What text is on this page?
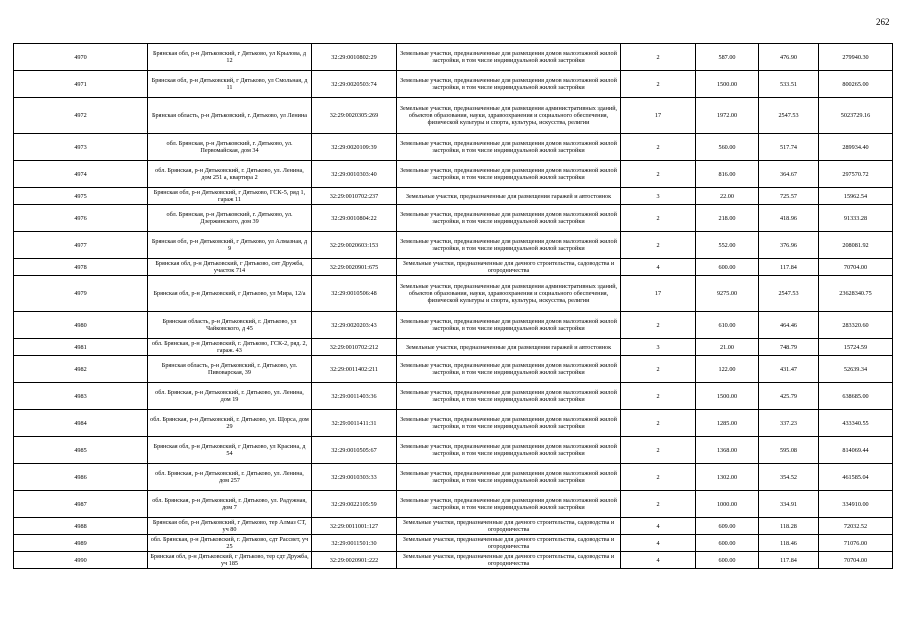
262
4970	Брянская обл, р-н Дятьковский, г Дятьково, ул Крылова, д 12	32:29:0010802:29	Земельные участки, предназначенные для размещения домов малоэтажной жилой застройки, в том числе индивидуальной жилой застройки	2	587.00	476.90	279940.30
4971	Брянская обл, р-н Дятьковский, г Дятьково, ул Смольная, д 11	32:29:0020503:74	Земельные участки, предназначенные для размещения домов малоэтажной жилой застройки, в том числе индивидуальной жилой застройки	2	1500.00	533.51	800265.00
4972	Брянская область, р-н Дятьковский, г. Дятьково, ул Ленина	32:29:0020305:269	Земельные участки, предназначенные для размещения административных зданий, объектов образования, науки, здравоохранения и социального обеспечения, физической культуры и спорта, культуры, искусства, религии	17	1972.00	2547.53	5023729.16
4973	обл. Брянская, р-н Дятьковский, г. Дятьково, ул. Первомайская, дом 34	32:29:0020109:39	Земельные участки, предназначенные для размещения домов малоэтажной жилой застройки, в том числе индивидуальной жилой застройки	2	560.00	517.74	289934.40
4974	обл. Брянская, р-н Дятьковский, г. Дятьково, ул. Ленина, дом 251 а, квартира 2	32:29:0010303:40	Земельные участки, предназначенные для размещения домов малоэтажной жилой застройки, в том числе индивидуальной жилой застройки	2	816.00	364.67	297570.72
4975	Брянская обл, р-н Дятьковский, г Дятьково, ГСК-5, ряд 1, гараж 11	32:29:0010702:237	Земельные участки, предназначенные для размещения гаражей и автостоянок	3	22.00	725.57	15962.54
4976	обл. Брянская, р-н Дятьковский, г. Дятьково, ул. Дзержинского, дом 39	32:29:0010804:22	Земельные участки, предназначенные для размещения домов малоэтажной жилой застройки, в том числе индивидуальной жилой застройки	2	218.00	418.96	91333.28
4977	Брянская обл, р-н Дятьковский, г Дятьково, ул Алмазная, д 9	32:29:0020603:153	Земельные участки, предназначенные для размещения домов малоэтажной жилой застройки, в том числе индивидуальной жилой застройки	2	552.00	376.96	208081.92
4978	Брянская обл, р-н Дятьковский, г Дятьково, снт Дружба, участок 714	32:29:0020901:675	Земельные участки, предназначенные для дачного строительства, садоводства и огородничества	4	600.00	117.84	70704.00
4979	Брянская обл, р-н Дятьковский, г Дятьково, ул Мира, 12/а	32:29:0010506:48	Земельные участки, предназначенные для размещения административных зданий, объектов образования, науки, здравоохранения и социального обеспечения, физической культуры и спорта, культуры, искусства, религии	17	9275.00	2547.53	23628340.75
4980	Брянская область, р-н Дятьковский, г. Дятьково, ул Чайковского, д 45	32:29:0020203:43	Земельные участки, предназначенные для размещения домов малоэтажной жилой застройки, в том числе индивидуальной жилой застройки	2	610.00	464.46	283320.60
4981	обл. Брянская, р-н Дятьковский, г. Дятьково, ГСК-2, ряд. 2, гараж. 43	32:29:0010702:212	Земельные участки, предназначенные для размещения гаражей и автостоянок	3	21.00	748.79	15724.59
4982	Брянская область, р-н Дятьковский, г. Дятьково, ул. Пивоварская, 39	32:29:0011402:211	Земельные участки, предназначенные для размещения домов малоэтажной жилой застройки, в том числе индивидуальной жилой застройки	2	122.00	431.47	52639.34
4983	обл. Брянская, р-н Дятьковский, г. Дятьково, ул. Ленина, дом 19	32:29:0011403:36	Земельные участки, предназначенные для размещения домов малоэтажной жилой застройки, в том числе индивидуальной жилой застройки	2	1500.00	425.79	638685.00
4984	обл. Брянская, р-н Дятьковский, г. Дятьково, ул. Щорса, дом 29	32:29:0011411:31	Земельные участки, предназначенные для размещения домов малоэтажной жилой застройки, в том числе индивидуальной жилой застройки	2	1285.00	337.23	433340.55
4985	Брянская обл, р-н Дятьковский, г Дятьково, ул Красина, д 54	32:29:0010505:67	Земельные участки, предназначенные для размещения домов малоэтажной жилой застройки, в том числе индивидуальной жилой застройки	2	1368.00	595.08	814069.44
4986	обл. Брянская, р-н Дятьковский, г. Дятьково, ул. Ленина, дом 257	32:29:0010303:33	Земельные участки, предназначенные для размещения домов малоэтажной жилой застройки, в том числе индивидуальной жилой застройки	2	1302.00	354.52	461585.04
4987	обл. Брянская, р-н Дятьковский, г. Дятьково, ул. Радужная, дом 7	32:29:0022105:59	Земельные участки, предназначенные для размещения домов малоэтажной жилой застройки, в том числе индивидуальной жилой застройки	2	1000.00	334.91	334910.00
4988	Брянская обл, р-н Дятьковский, г Дятьково, тер Алмаз СТ, уч 80	32:29:0011001:127	Земельные участки, предназначенные для дачного строительства, садоводства и огородничества	4	609.00	118.28	72032.52
4989	обл. Брянская, р-н Дятьковский, г. Дятьково, сдт Рассвет, уч 25	32:29:0011501:30	Земельные участки, предназначенные для дачного строительства, садоводства и огородничества	4	600.00	118.46	71076.00
4990	Брянская обл, р-н Дятьковский, г Дятьково, тер сдт Дружба, уч 185	32:29:0020901:222	Земельные участки, предназначенные для дачного строительства, садоводства и огородничества	4	600.00	117.84	70704.00
